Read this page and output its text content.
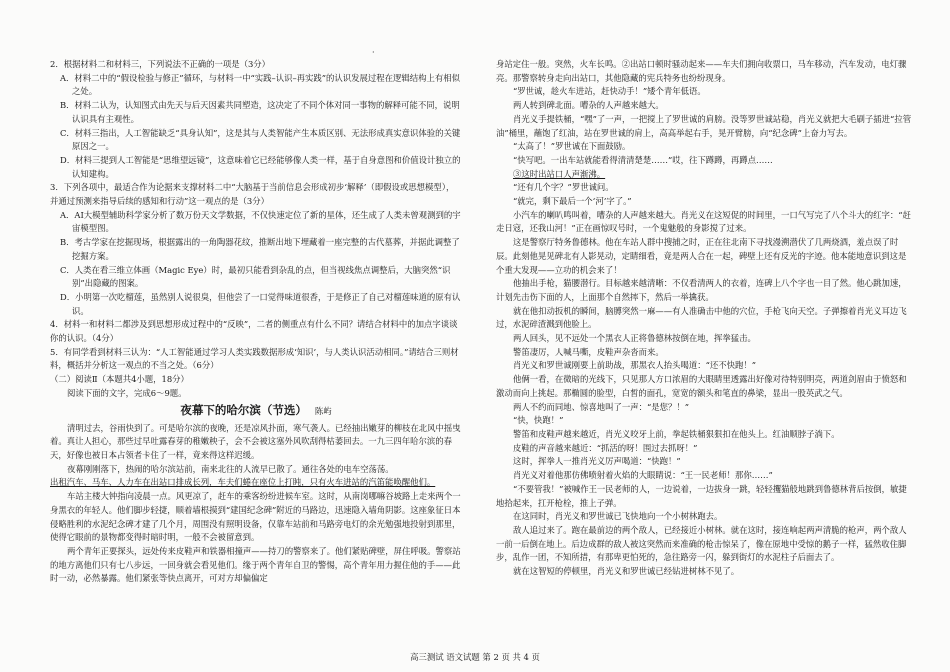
·

2．根据材料二和材料三，下列说法不正确的一项是（3分）

A．材料二中的“假设检验与修正”循环，与材料一中“实践–认识–再实践”的认识发展过程在逻辑结构上有相似之处。

B．材料二认为，认知图式由先天与后天因素共同塑造，这决定了不同个体对同一事物的解释可能不同，说明认识具有主观性。

C．材料三指出，人工智能缺乏“具身认知”，这是其与人类智能产生本质区别、无法形成真实意识体验的关键原因之一。

D．材料三提到人工智能是“思维望远镜”，这意味着它已经能够像人类一样，基于自身意图和价值设计独立的认知建构。

3．下列各项中，最适合作为论据来支撑材料二中“大脑基于当前信息会形成初步‘解释’（即假设或思想模型），并通过预测来指导后续的感知和行动”这一观点的是（3分）

A．AI大模型辅助科学家分析了数万份天文学数据，不仅快速定位了新的星体，还生成了人类未曾观测到的宇宙模型图。

B．考古学家在挖掘现场，根据露出的一角陶器花纹，推断出地下埋藏着一座完整的古代墓葬，并据此调整了挖掘方案。

C．人类在看三维立体画（Magic Eye）时，最初只能看到杂乱的点，但当视线焦点调整后，大脑突然“识别”出隐藏的图案。

D．小明第一次吃榴莲，虽然别人说很臭，但他尝了一口觉得味道很香，于是修正了自己对榴莲味道的原有认识。

4．材料一和材料二都涉及到思想形成过程中的“反映”，二者的侧重点有什么不同？请结合材料中的加点字谈谈你的认识。（4分）

5．有同学看到材料三认为：“人工智能通过学习人类实践数据形成‘知识’，与人类认识活动相同。”请结合三则材料，概括并分析这一观点的不当之处。（6分）

（二）阅读Ⅱ（本题共4小题，18分）

阅读下面的文字，完成6～9题。

夜幕下的哈尔滨（节选） 陈屿

清明过去，谷雨快到了。可是哈尔滨的夜晚，还是凉风扑面，寒气袭人。已经抽出嫩芽的柳枝在北风中摇曳着。真让人担心，那些过早吐露春芽的稚嫩秧子，会不会被这塞外风吹刮得枯萎回去。一九三四年哈尔滨的春天，好像也被日本占领者卡住了一样，竟来得这样迟缓。

夜幕刚刚落下，热闹的哈尔滨站前，南来北往的人流早已散了。通往各处的电车空荡荡。

出租汽车、马车、人力车在出站口排成长列，车夫们蜷在座位上打盹，只有火车进站的汽笛能唤醒他们。

车站主楼大钟指向凌晨一点。风更凉了，赶车的乘客纷纷进候车室。这时，从南岗哪嘛谷坡路上走来两个一身黑衣的年轻人。他们脚步轻捷，顺着墙根摸到“建国纪念碑”附近的马路边，迅速隐入墙角阴影。这座象征日本侵略胜利的水泥纪念碑才建了几个月，周围没有照明设备，仅靠车站前和马路旁电灯的余光勉强地投射到那里，使得它眼前的景物都变得时暗时明，一般不会被留意到。

两个青年正要探头，远处传来皮鞋声和铁器相撞声——持刀的警察来了。他们紧贴碑壁，屏住呼吸。警察站的地方离他们只有七八步远，一回身就会看见他们。缘于两个青年自卫的警惕，高个青年用力握住他的手——此时一动，必然暴露。他们紧张等快点离开，可对方却偏偏定

身站定住一般。突然，火车长鸣。②出站口顿时骚动起来——车夫们拥向收票口，马车移动，汽车发动，电灯骤亮。那警察转身走向出站口，其他隐藏的宪兵特务也纷纷现身。

“罗世诚，趁火车进站，赶快动手！”矮个青年低语。

两人转到碑北面。嘈杂的人声越来越大。

肖光义手提铁桶，“嘿”了一声，一把搅上了罗世诚的肩膀。没等罗世诚站稳，肖光义就把大毛刷子插进“拉管油”桶里，蘸饱了红油，站在罗世诚的肩上，高高举起右手，晃开臂膀，向“纪念碑”上奋力写去。

“太高了！”罗世诚在下面鼓励。

“快写吧。一出车站就能看得清清楚楚……”哎，往下蹲蹲，再蹲点……

③这时出站口人声渐沸。

“还有几个字？”罗世诚问。

“就完，剩下最后一个‘河’字了。”

小汽车的喇叭鸣叫着，嘈杂的人声越来越大。肖光义在这短促的时间里，一口气写完了八个斗大的红字：“赶走日寇，还我山河！”正在画惊叹号时，一个鬼魅般的身影搅了过来。

这是警察厅特务鲁德林。他在车站人群中搜捕之时，正在往北南下寻找漫溯潜伏了几两烧酒，羞点误了时辰。此刻他晃见碑北有人影晃动，定睛细看，竟是两人合在一起，碑壁上还有反光的字迹。他本能地意识到这是个重大发现——立功的机会来了！

他抽出手枪，猫腰潜行。目标越来越清晰：不仅看清两人的衣着，连碑上八个字也一目了然。他心跳加速，计划先击伤下面的人，上面那个自然摔下，然后一举擒获。

就在他扣动扳机的瞬间，脑膊突然一麻——有人准确击中他的穴位，手枪飞向天空。子弹擦着肖光义耳边飞过，水泥碎渣溅到他脸上。

两人回头，见不远处一个黑衣人正将鲁德林按倒在地，挥拳猛击。

警笛凄厉，人喊马嘶，皮鞋声杂沓而来。

肖光义和罗世诚刚要上前助战，那黑衣人抬头喝道：“还不快跑！”

他俩一看，在微暗的光线下，只见那人方口浓眉的大眼睛里透露出好像对待特别明亮，两道剑眉由于愤怒和激动而向上挑起。那椭圆的脸型，白皙的面孔，宽宽的额头和笔直的鼻梁，显出一股英武之气。

两人不约而同地、惊喜地叫了一声：“是您？！”

“快，快跑！”

警笛和皮鞋声越来越近，肖光义咬牙上前，拳起铁桶狠狠扣在他头上。红油顺脖子淌下。

皮鞋的声音越来越近：“抓活的呀！围过去抓呀！”

这时，挥拳人一推肖光义厉声喝道：“快跑！”

肖光义对着他那仿佛喷射着火焰的大眼睛说：“王一民老师！那你……”

“不要管我！”被喊作王一民老师的人，一边说着，一边拔身一跳，轻轻攫猫般地跳到鲁德林背后按倒，敏捷地拾起来，扛开枪栓，推上子弹。

在这同时，肖光义和罗世诚已飞快地向一个小树林跑去。

敌人追过来了。跑在最前边的两个敌人，已经接近小树林。就在这时，接连响起两声清脆的枪声，两个敌人一前一后倒在地上。后边成群的敌人被这突然而来准确的枪击惊呆了，像在原地中受惊的鹅子一样，猛然收住脚步，乱作一团，不知所措，有那卑更怕死的，急往路旁一闪，躲到街灯的水泥柱子后面去了。

就在这智短的停顿里，肖光义和罗世诚已经钻进树林不见了。

高三测试 语文试题 第 2 页 共 4 页
